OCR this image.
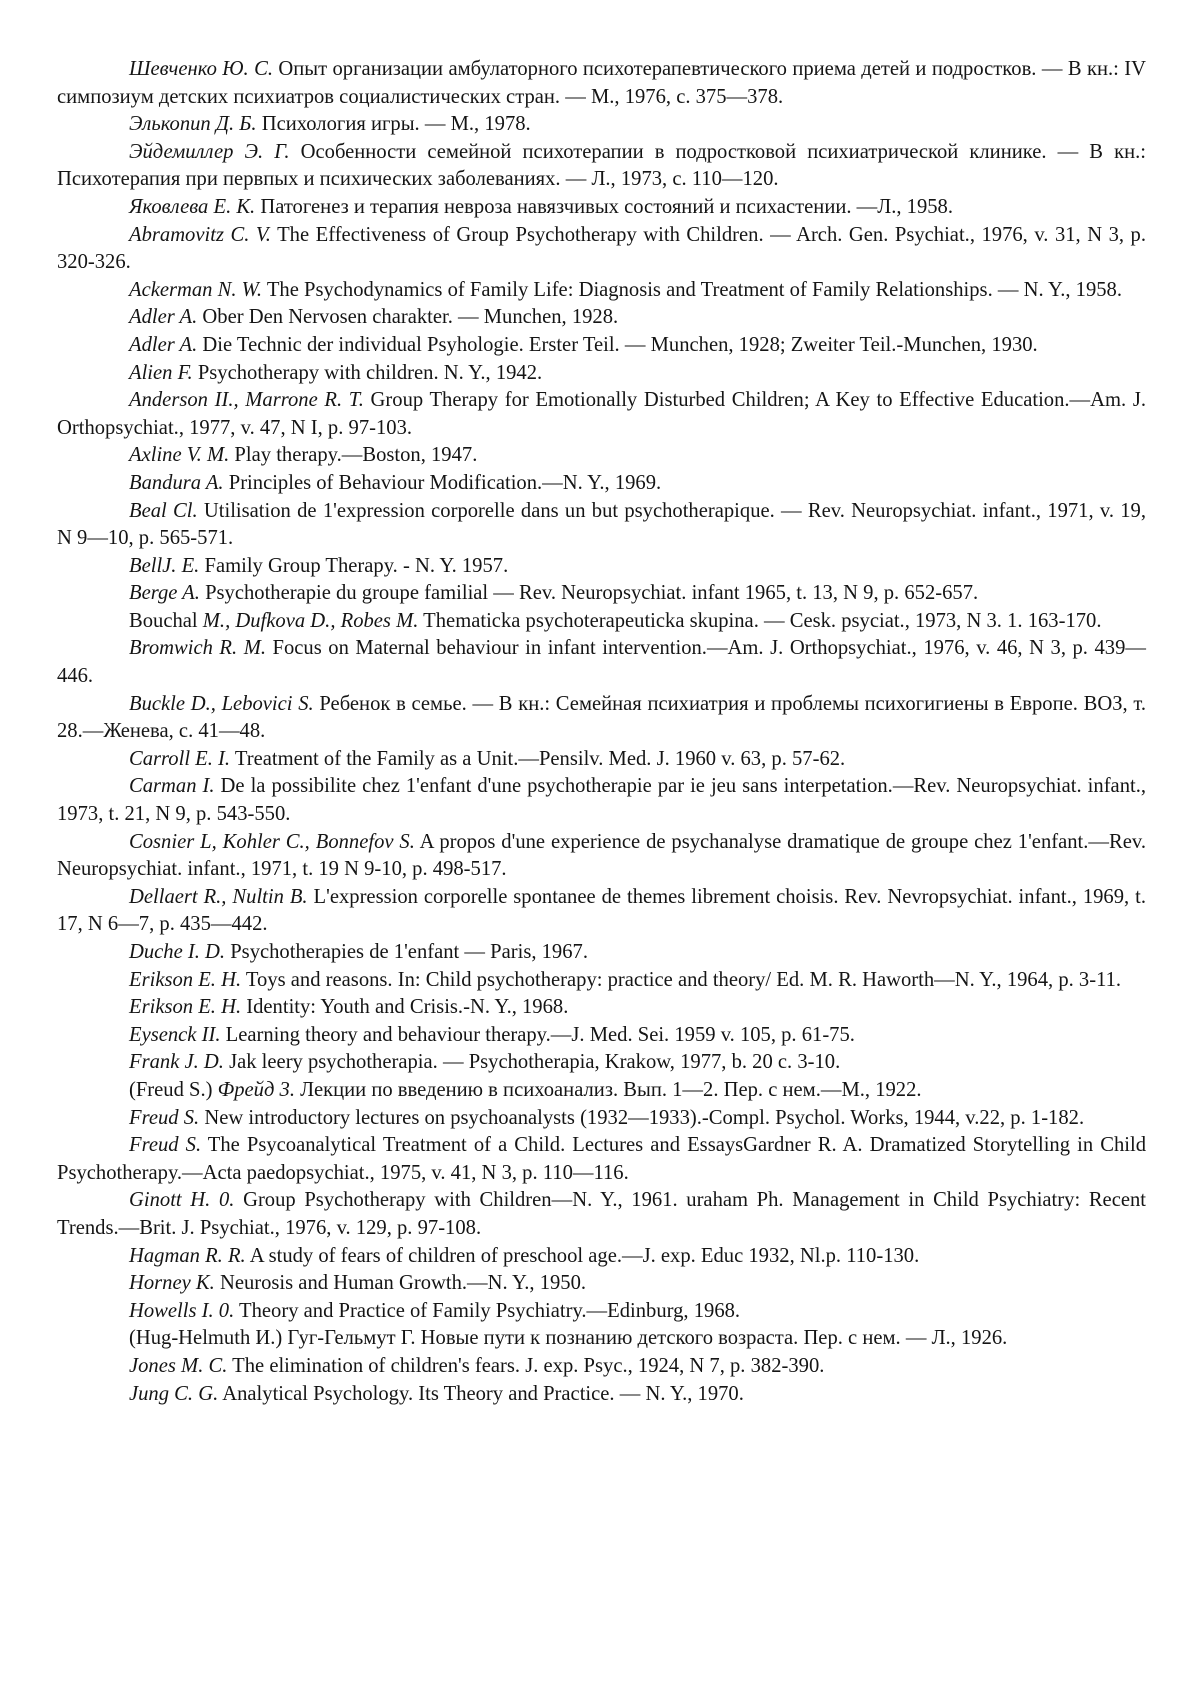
Шевченко Ю. С. Опыт организации амбулаторного психотерапевтического приема детей и подростков. — В кн.: IV симпозиум детских психиатров социалистических стран. — М., 1976, с. 375—378.

Элькопип Д. Б. Психология игры. — М., 1978.

Эйдемиллер Э. Г. Особенности семейной психотерапии в подростковой психиатрической клинике. — В кн.: Психотерапия при первпых и психических заболеваниях. — Л., 1973, с. 110—120.

Яковлева Е. К. Патогенез и терапия невроза навязчивых состояний и психастении. —Л., 1958.

Abramovitz C. V. The Effectiveness of Group Psychotherapy with Children. — Arch. Gen. Psychiat., 1976, v. 31, N 3, p. 320-326.

Ackerman N. W. The Psychodynamics of Family Life: Diagnosis and Treatment of Family Relationships. — N. Y., 1958.

Adler A. Ober Den Nervosen charakter. — Munchen, 1928.

Adler A. Die Technic der individual Psyhologie. Erster Teil. — Munchen, 1928; Zweiter Teil.-Munchen, 1930.

Alien F. Psychotherapy with children. N. Y., 1942.

Anderson II., Marrone R. T. Group Therapy for Emotionally Disturbed Children; A Key to Effective Education.—Am. J. Orthopsychiat., 1977, v. 47, N I, p. 97-103.

Axline V. M. Play therapy.—Boston, 1947.

Bandura A. Principles of Behaviour Modification.—N. Y., 1969.

Beal Cl. Utilisation de 1'expression corporelle dans un but psychotherapique. — Rev. Neuropsychiat. infant., 1971, v. 19, N 9—10, p. 565-571.

BellJ. E. Family Group Therapy. - N. Y. 1957.

Berge A. Psychotherapie du groupe familial — Rev. Neuropsychiat. infant 1965, t. 13, N 9, p. 652-657.

Bouchal M., Dufkova D., Robes M. Thematicka psychoterapeuticka skupina. — Cesk. psyciat., 1973, N 3. 1. 163-170.

Bromwich R. M. Focus on Maternal behaviour in infant intervention.—Am. J. Orthopsychiat., 1976, v. 46, N 3, p. 439—446.

Buckle D., Lebovici S. Ребенок в семье. — В кн.: Семейная психиатрия и проблемы психогигиены в Европе. ВОЗ, т. 28.—Женева, с. 41—48.

Carroll E. I. Treatment of the Family as a Unit.—Pensilv. Med. J. 1960 v. 63, p. 57-62.

Carman I. De la possibilite chez 1'enfant d'une psychotherapie par ie jeu sans interpetation.—Rev. Neuropsychiat. infant., 1973, t. 21, N 9, p. 543-550.

Cosnier L, Kohler C., Bonnefov S. A propos d'une experience de psychanalyse dramatique de groupe chez 1'enfant.—Rev. Neuropsychiat. infant., 1971, t. 19 N 9-10, p. 498-517.

Dellaert R., Nultin B. L'expression corporelle spontanee de themes librement choisis. Rev. Nevropsychiat. infant., 1969, t. 17, N 6—7, p. 435—442.

Duche I. D. Psychotherapies de 1'enfant — Paris, 1967.

Erikson E. H. Toys and reasons. In: Child psychotherapy: practice and theory/ Ed. M. R. Haworth—N. Y., 1964, p. 3-11.

Erikson E. H. Identity: Youth and Crisis.-N. Y., 1968.

Eysenck II. Learning theory and behaviour therapy.—J. Med. Sei. 1959 v. 105, p. 61-75.

Frank J. D. Jak leery psychotherapia. — Psychotherapia, Krakow, 1977, b. 20 c. 3-10.

(Freud S.) Фрейд 3. Лекции по введению в психоанализ. Вып. 1—2. Пер. с нем.—М., 1922.

Freud S. New introductory lectures on psychoanalysts (1932—1933).-Compl. Psychol. Works, 1944, v.22, p. 1-182.

Freud S. The Psycoanalytical Treatment of a Child. Lectures and EssaysGardner R. A. Dramatized Storytelling in Child Psychotherapy.—Acta paedopsychiat., 1975, v. 41, N 3, p. 110—116.

Ginott H. 0. Group Psychotherapy with Children—N. Y., 1961. uraham Ph. Management in Child Psychiatry: Recent Trends.—Brit. J. Psychiat., 1976, v. 129, p. 97-108.

Hagman R. R. A study of fears of children of preschool age.—J. exp. Educ 1932, Nl.p. 110-130.

Horney K. Neurosis and Human Growth.—N. Y., 1950.

Howells I. 0. Theory and Practice of Family Psychiatry.—Edinburg, 1968.

(Hug-Helmuth И.) Гуг-Гельмут Г. Новые пути к познанию детского возраста. Пер. с нем. — Л., 1926.

Jones M. C. The elimination of children's fears. J. exp. Psyc., 1924, N 7, p. 382-390.

Jung C. G. Analytical Psychology. Its Theory and Practice. — N. Y., 1970.
